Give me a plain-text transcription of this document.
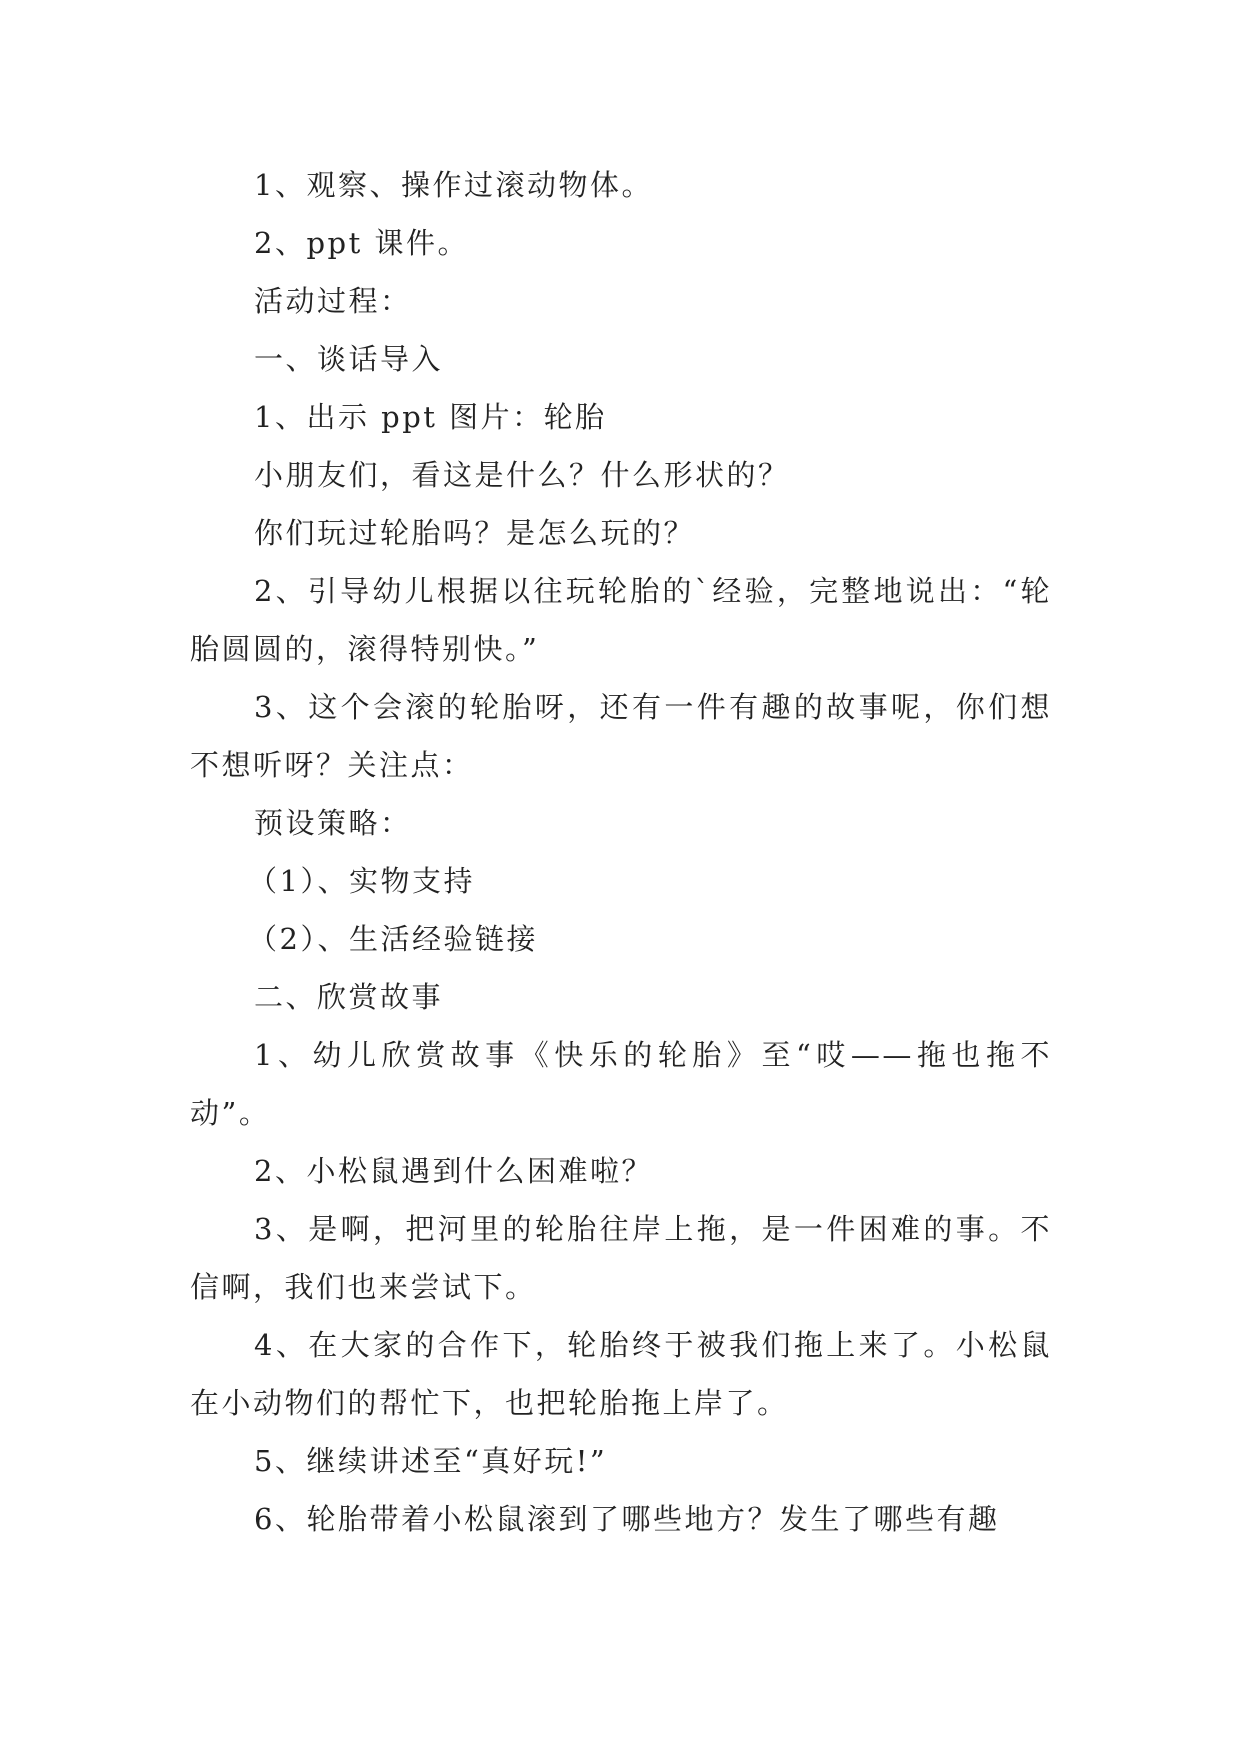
1、观察、操作过滚动物体。

2、ppt 课件。

活动过程：

一、谈话导入

1、出示 ppt 图片：轮胎

小朋友们，看这是什么？什么形状的？

你们玩过轮胎吗？是怎么玩的？

2、引导幼儿根据以往玩轮胎的`经验，完整地说出：“轮胎圆圆的，滚得特别快。”

3、这个会滚的轮胎呀，还有一件有趣的故事呢，你们想不想听呀？关注点：

预设策略：

（1）、实物支持

（2）、生活经验链接

二、欣赏故事

1、幼儿欣赏故事《快乐的轮胎》至“哎——拖也拖不动”。

2、小松鼠遇到什么困难啦？

3、是啊，把河里的轮胎往岸上拖，是一件困难的事。不信啊，我们也来尝试下。

4、在大家的合作下，轮胎终于被我们拖上来了。小松鼠在小动物们的帮忙下，也把轮胎拖上岸了。

5、继续讲述至“真好玩!”

6、轮胎带着小松鼠滚到了哪些地方？发生了哪些有趣
